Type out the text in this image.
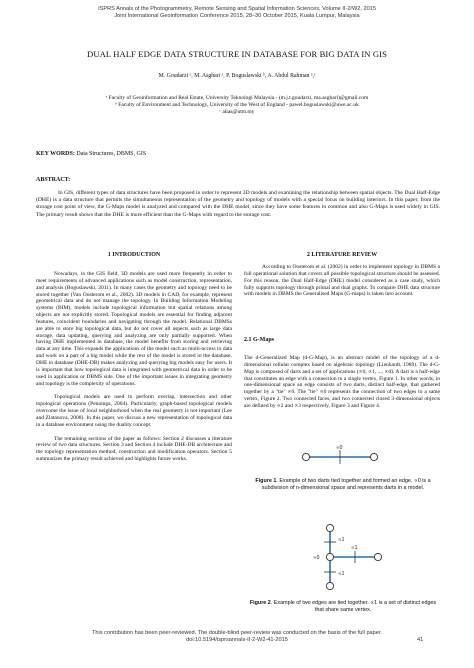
ISPRS Annals of the Photogrammetry, Remote Sensing and Spatial Information Sciences, Volume II-2/W2, 2015
Joint International Geoinformation Conference 2015, 28–30 October 2015, Kuala Lumpur, Malaysia
DUAL HALF EDGE DATA STRUCTURE IN DATABASE FOR BIG DATA IN GIS
M. Goudarzi ᵃ, M. Asghari ᵃ, P. Boguslawski ᵇ, A. Abdul Rahman ᵃ,ᶜ
ᵃ Faculty of Geoinformation and Real Estate, University Teknologi Malaysia - (m.j.t.goudarzi, ma.asghari)@gmail.com
ᵇ Faculty of Environment and Technology, University of the West of England - pawel.boguslawski@uwe.ac.uk
ᶜ alias@utm.my
KEY WORDS: Data Structures, DBMS, GIS
ABSTRACT:
In GIS, different types of data structures have been proposed in order to represent 3D models and examining the relationship between spatial objects. The Dual Half-Edge (DHE) is a data structure that permits the simultaneous representation of the geometry and topology of models with a special focus on building interiors. In this paper, from the storage cost point of view, the G-Maps model is analyzed and compared with the DHE model, since they have some features in common and also G-Maps is used widely in GIS. The primary result shows that the DHE is more efficient than the G-Maps with regard to the storage cost.
1 INTRODUCTION

Nowadays, in the GIS field, 3D models are used more frequently in order to meet requirements of advanced applications such as model construction, representation, and analysis (Boguslawski, 2011). In many cases the geometry and topology need to be stored together (Van Oosterom et al., 2002). 3D models in CAD, for example, represent geometrical data and do not manage the topology. In Building Information Modeling systems (BIM), models include topological information but spatial relations among objects are not explicitly stored. Topological models are essential for finding adjacent features, coincident boundaries and navigating through the model. Relational DBMSs are able to store big topological data, but do not cover all aspects such as large data storage, data updating, querying and analyzing are only partially supported. When having DHE implemented in database, the model benefits from storing and retrieving data at any time. This expands the applications of the model such as multi-access to data and work on a part of a big model while the rest of the model is stored in the database. DHE in database (DHE-DB) makes analyzing and querying big models easy for users. It is important that how topological data is integrated with geometrical data in order to be used in application or DBMS side. One of the important issues in integrating geometry and topology is the complexity of operations.

Topological models are used to perform overlap, intersection and other topological operations (Penninga, 2004). Particularly, graph-based topological models overcome the issue of local neighborhood when the real geometry is not important (Lee and Zlatanova, 2008). In this paper, we discuss a new representation of topological data in a database environment using the duality concept.

The remaining sections of the paper as follows: Section 2 discusses a literature review of two data structures. Section 3 and Section 4 include DHE-DB architecture and the topology representation method, construction and modification operators. Section 5 summarizes the primary result achieved and highlights future works.

2 LITERATURE REVIEW

According to Oosterom et al. (2002) in order to implement topology in DBMS a full operational solution that covers all possible topological structure should be assessed. For this reason, the Dual Half-Edge (DHE) model considered as a case study, which fully supports topology through primal and dual graphs. To compare DHE data structure with models in DBMS the Generalised Maps (G-maps) is taken into account.

2.1 G-Maps

The d-Generalized Map (d-G-Map), is an abstract model of the topology of a d-dimensional cellular complex based on algebraic topology (Lienhardt, 1989). The d-G-Map is composed of darts and a set of applications (∝0, ∝1, ..., ∝d). A dart is a half-edge that constitutes an edge with a connection to a single vertex, Figure 1. In other words, in one-dimensional space an edge consists of two darts, distinct half-edge, that gathered together by a "tie" ∝0. The "tie" ∝0 represents the connection of two edges to a same vertex, Figure 2. Two connected faces, and two connected closed 3-dimensional objects are defined by ∝2 and ∝3 respectively, Figure 3 and Figure 4.

∝0
Figure 1. Example of two darts tied together and formed an edge, ∝0 is a subdivision of n-dimensional space and represents darts in a model.
∝1
∝0
∝1
∝1
Figure 2. Example of two edges are tied together. ∝1 is a set of distinct edges that share same vertex.
This contribution has been peer-reviewed. The double-blind peer-review was conducted on the basis of the full paper.
doi:10.5194/isprsannals-II-2-W2-41-2015	41
